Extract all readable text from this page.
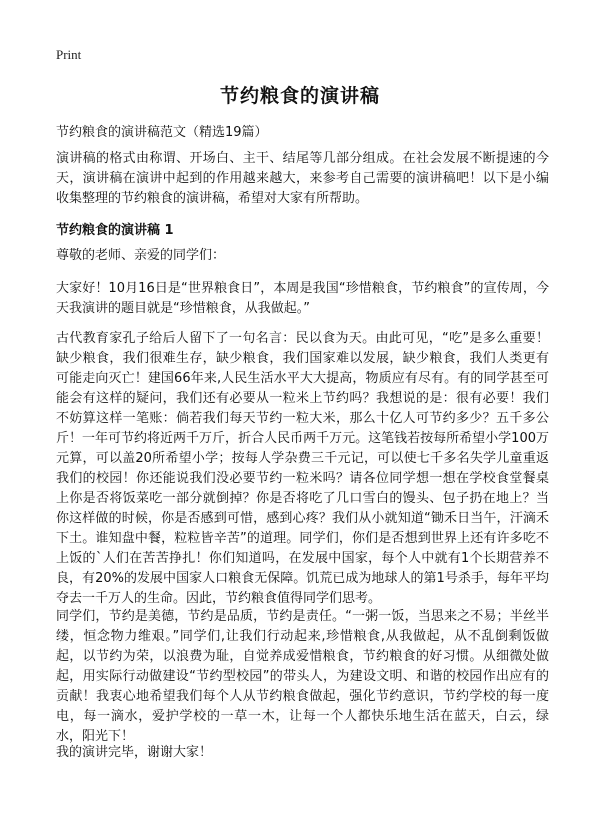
Print
节约粮食的演讲稿
节约粮食的演讲稿范文（精选19篇）

演讲稿的格式由称谓、开场白、主干、结尾等几部分组成。在社会发展不断提速的今天，演讲稿在演讲中起到的作用越来越大，来参考自己需要的演讲稿吧！以下是小编收集整理的节约粮食的演讲稿，希望对大家有所帮助。

节约粮食的演讲稿 1

尊敬的老师、亲爱的同学们：

大家好！10月16日是“世界粮食日”，本周是我国“珍惜粮食，节约粮食”的宣传周，今天我演讲的题目就是“珍惜粮食，从我做起。”

古代教育家孔子给后人留下了一句名言：民以食为天。由此可见，“吃”是多么重要！缺少粮食，我们很难生存，缺少粮食，我们国家难以发展，缺少粮食，我们人类更有可能走向灭亡！建国66年来,人民生活水平大大提高，物质应有尽有。有的同学甚至可能会有这样的疑问，我们还有必要从一粒米上节约吗？我想说的是：很有必要！我们不妨算这样一笔账：倘若我们每天节约一粒大米，那么十亿人可节约多少？五千多公斤！一年可节约将近两千万斤，折合人民币两千万元。这笔钱若按每所希望小学100万元算，可以盖20所希望小学；按每人学杂费三千元记，可以使七千多名失学儿童重返我们的校园！你还能说我们没必要节约一粒米吗？请各位同学想一想在学校食堂餐桌上你是否将饭菜吃一部分就倒掉？你是否将吃了几口雪白的馒头、包子扔在地上？当你这样做的时候，你是否感到可惜，感到心疼？我们从小就知道“锄禾日当午，汗滴禾下土。谁知盘中餐，粒粒皆辛苦”的道理。同学们，你们是否想到世界上还有许多吃不上饭的`人们在苦苦挣扎！你们知道吗，在发展中国家，每个人中就有1个长期营养不良，有20%的发展中国家人口粮食无保障。饥荒已成为地球人的第1号杀手，每年平均夺去一千万人的生命。因此，节约粮食值得同学们思考。

同学们，节约是美德，节约是品质，节约是责任。“一粥一饭，当思来之不易；半丝半缕，恒念物力维艰。”同学们,让我们行动起来,珍惜粮食,从我做起，从不乱倒剩饭做起，以节约为荣，以浪费为耻，自觉养成爱惜粮食，节约粮食的好习惯。从细微处做起，用实际行动做建设“节约型校园”的带头人，为建设文明、和谐的校园作出应有的贡献！我衷心地希望我们每个人从节约粮食做起，强化节约意识，节约学校的每一度电，每一滴水，爱护学校的一草一木，让每一个人都快乐地生活在蓝天，白云，绿水，阳光下！

我的演讲完毕，谢谢大家！
